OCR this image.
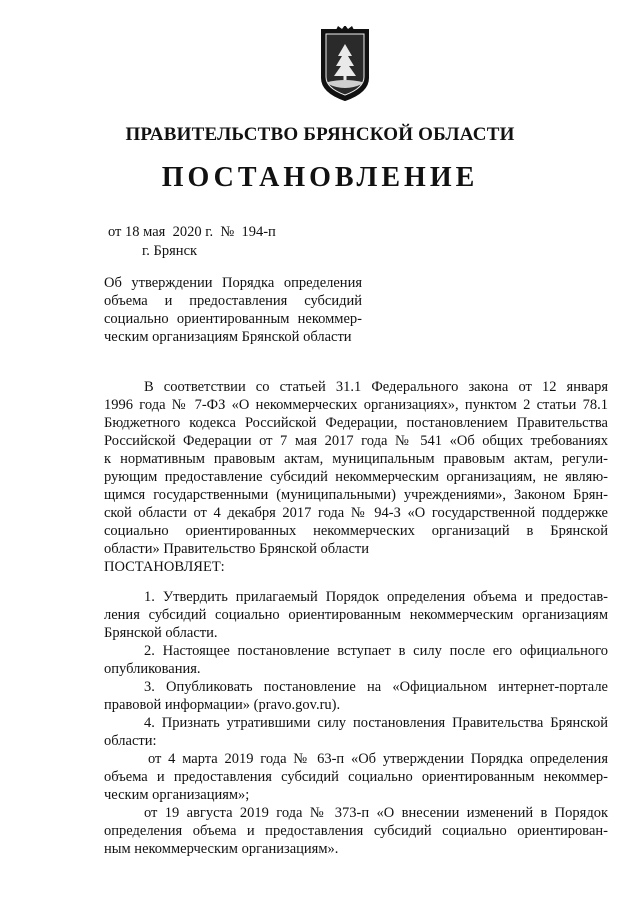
ПРАВИТЕЛЬСТВО БРЯНСКОЙ ОБЛАСТИ
ПОСТАНОВЛЕНИЕ
от 18 мая  2020 г.  №  194-п
г. Брянск
Об утверждении Порядка определения
объема и предоставления субсидий
социально ориентированным некоммер-
ческим организациям Брянской области
В соответствии со статьей 31.1 Федерального закона от 12 января
1996 года № 7-ФЗ «О некоммерческих организациях», пунктом 2 статьи 78.1
Бюджетного кодекса Российской Федерации, постановлением Правительства
Российской Федерации от 7 мая 2017 года № 541 «Об общих требованиях
к нормативным правовым актам, муниципальным правовым актам, регули-
рующим предоставление субсидий некоммерческим организациям, не являю-
щимся государственными (муниципальными) учреждениями», Законом Брян-
ской области от 4 декабря 2017 года № 94-З «О государственной поддержке
социально ориентированных некоммерческих организаций в Брянской
области» Правительство Брянской области
ПОСТАНОВЛЯЕТ:
1. Утвердить прилагаемый Порядок определения объема и предостав-
ления субсидий социально ориентированным некоммерческим организациям
Брянской области.
2. Настоящее постановление вступает в силу после его официального
опубликования.
3. Опубликовать постановление на «Официальном интернет-портале
правовой информации» (pravo.gov.ru).
4. Признать утратившими силу постановления Правительства Брянской
области:
от 4 марта 2019 года № 63-п «Об утверждении Порядка определения
объема и предоставления субсидий социально ориентированным некоммер-
ческим организациям»;
от 19 августа 2019 года № 373-п «О внесении изменений в Порядок
определения объема и предоставления субсидий социально ориентирован-
ным некоммерческим организациям».
